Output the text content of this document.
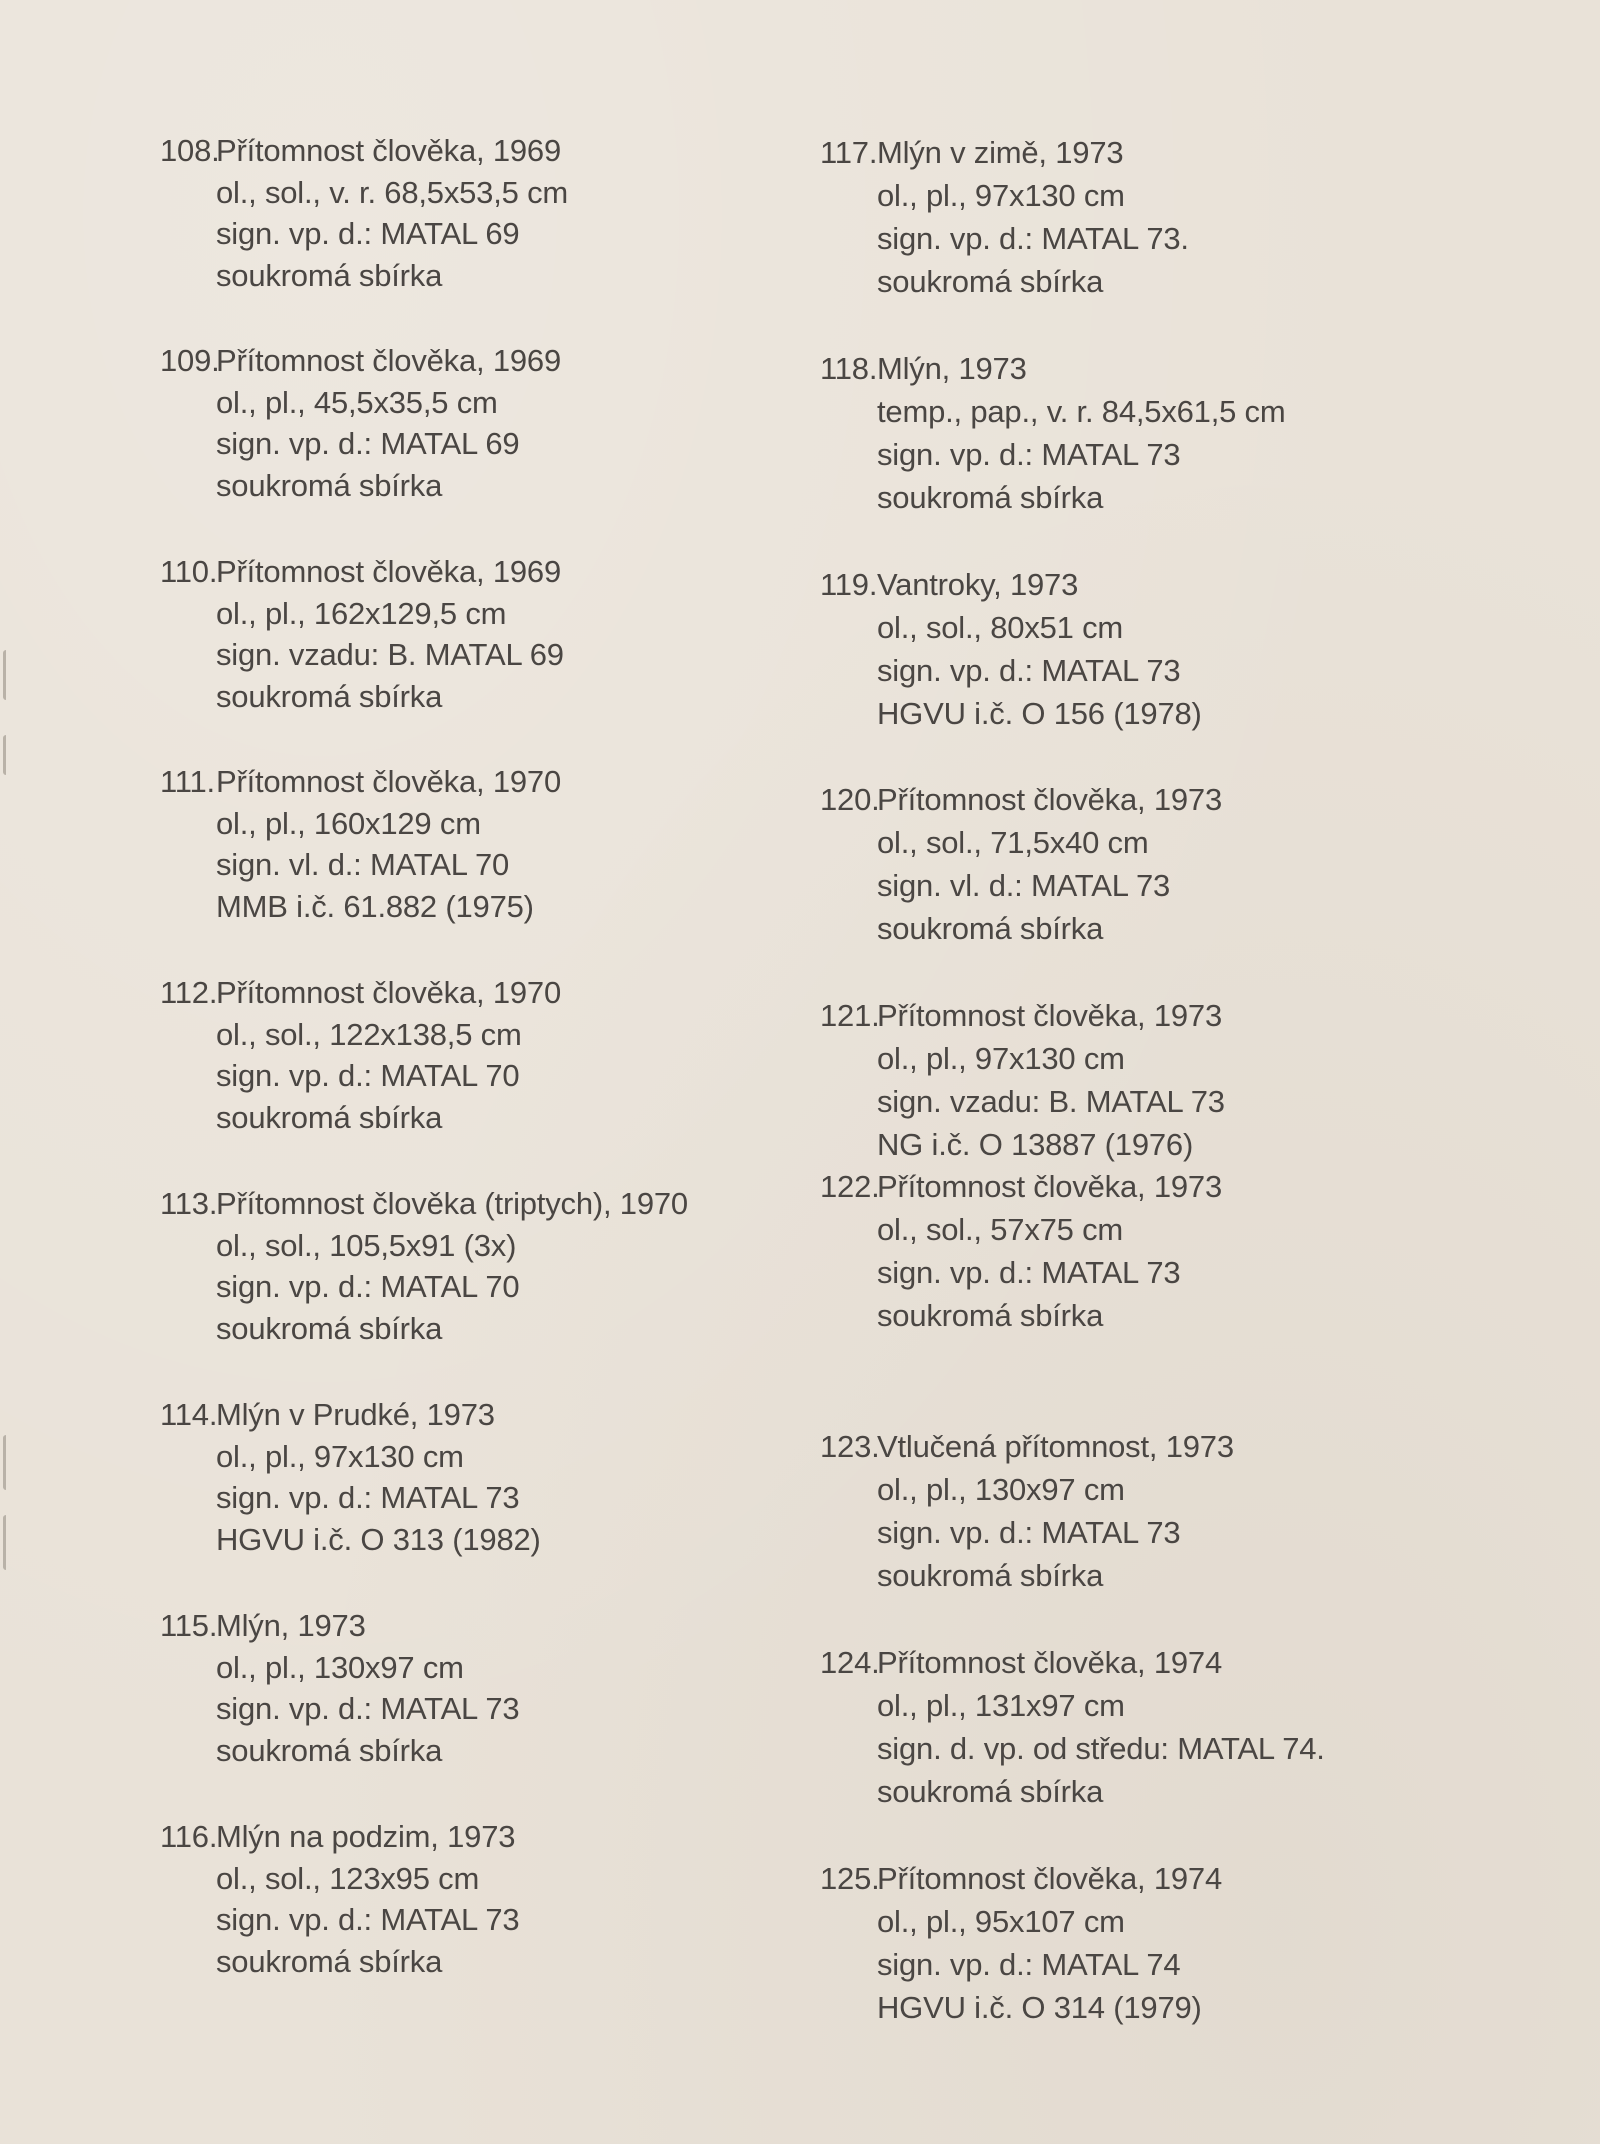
108.
Přítomnost člověka, 1969
ol., sol., v. r. 68,5x53,5 cm
sign. vp. d.: MATAL 69
soukromá sbírka
109.
Přítomnost člověka, 1969
ol., pl., 45,5x35,5 cm
sign. vp. d.: MATAL 69
soukromá sbírka
110.
Přítomnost člověka, 1969
ol., pl., 162x129,5 cm
sign. vzadu: B. MATAL 69
soukromá sbírka
111. Přítomnost člověka, 1970
ol., pl., 160x129 cm
sign. vl. d.: MATAL 70
MMB i.č. 61.882 (1975)
112.
Přítomnost člověka, 1970
ol., sol., 122x138,5 cm
sign. vp. d.: MATAL 70
soukromá sbírka
113.
Přítomnost člověka (triptych), 1970
ol., sol., 105,5x91 (3x)
sign. vp. d.: MATAL 70
soukromá sbírka
114.
Mlýn v Prudké, 1973
ol., pl., 97x130 cm
sign. vp. d.: MATAL 73
HGVU i.č. O 313 (1982)
115.
Mlýn, 1973
ol., pl., 130x97 cm
sign. vp. d.: MATAL 73
soukromá sbírka
116.
Mlýn na podzim, 1973
ol., sol., 123x95 cm
sign. vp. d.: MATAL 73
soukromá sbírka
117. Mlýn v zimě, 1973
ol., pl., 97x130 cm
sign. vp. d.: MATAL 73.
soukromá sbírka
118. Mlýn, 1973
temp., pap., v. r. 84,5x61,5 cm
sign. vp. d.: MATAL 73
soukromá sbírka
119. Vantroky, 1973
ol., sol., 80x51 cm
sign. vp. d.: MATAL 73
HGVU i.č. O 156 (1978)
120.
Přítomnost člověka, 1973
ol., sol., 71,5x40 cm
sign. vl. d.: MATAL 73
soukromá sbírka
121.
Přítomnost člověka, 1973
ol., pl., 97x130 cm
sign. vzadu: B. MATAL 73
NG i.č. O 13887 (1976)
122.
Přítomnost člověka, 1973
ol., sol., 57x75 cm
sign. vp. d.: MATAL 73
soukromá sbírka
123.
Vtlučená přítomnost, 1973
ol., pl., 130x97 cm
sign. vp. d.: MATAL 73
soukromá sbírka
124.
Přítomnost člověka, 1974
ol., pl., 131x97 cm
sign. d. vp. od středu: MATAL 74.
soukromá sbírka
125.
Přítomnost člověka, 1974
ol., pl., 95x107 cm
sign. vp. d.: MATAL 74
HGVU i.č. O 314 (1979)
